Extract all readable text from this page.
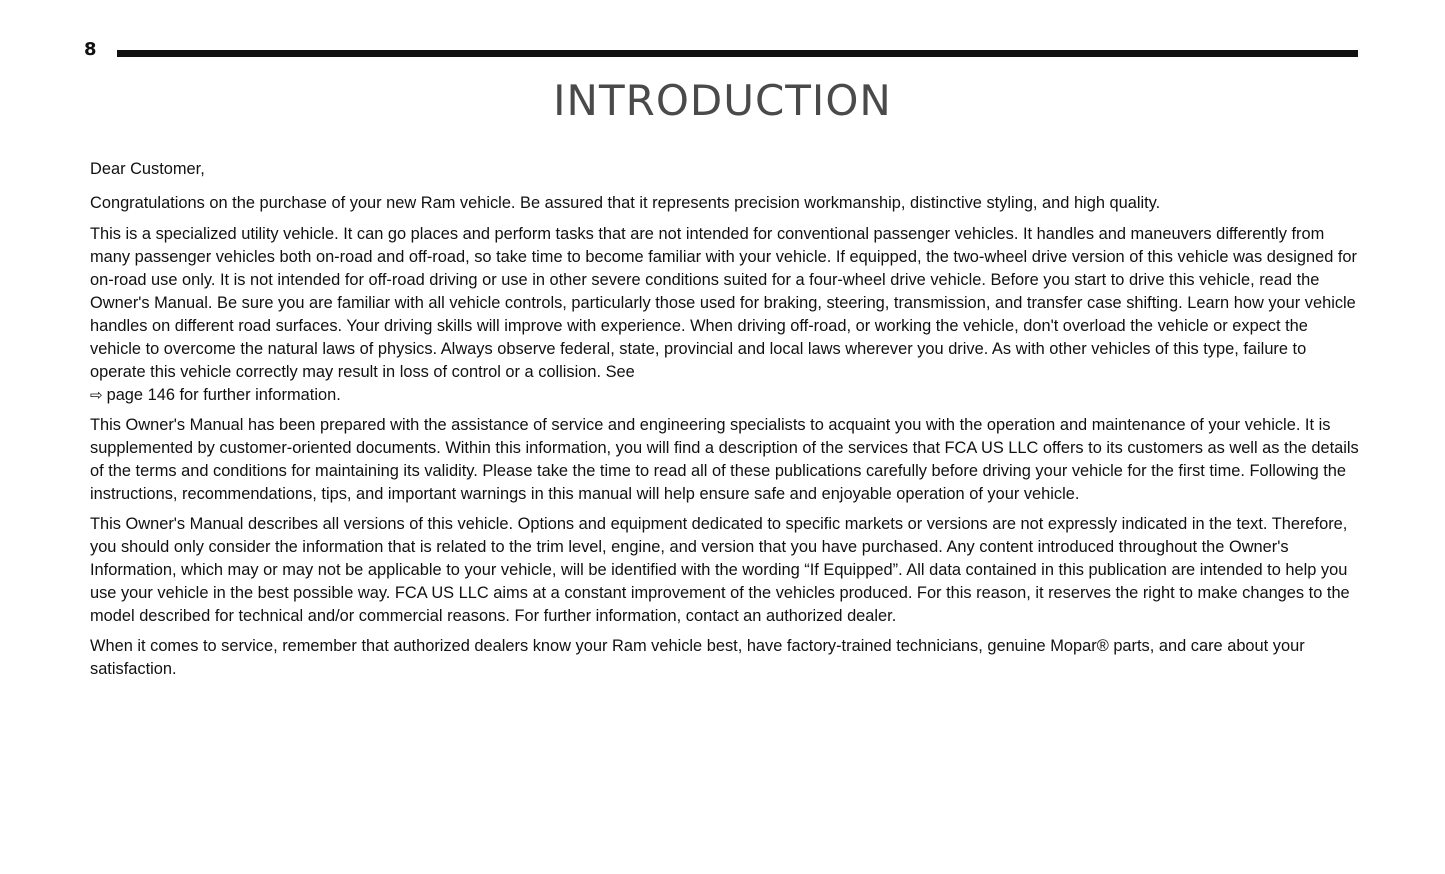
8
INTRODUCTION

Dear Customer,

Congratulations on the purchase of your new Ram vehicle. Be assured that it represents precision workmanship, distinctive styling, and high quality.

This is a specialized utility vehicle. It can go places and perform tasks that are not intended for conventional passenger vehicles. It handles and maneuvers differently from many passenger vehicles both on-road and off-road, so take time to become familiar with your vehicle. If equipped, the two-wheel drive version of this vehicle was designed for on-road use only. It is not intended for off-road driving or use in other severe conditions suited for a four-wheel drive vehicle. Before you start to drive this vehicle, read the Owner's Manual. Be sure you are familiar with all vehicle controls, particularly those used for braking, steering, transmission, and transfer case shifting. Learn how your vehicle handles on different road surfaces. Your driving skills will improve with experience. When driving off-road, or working the vehicle, don't overload the vehicle or expect the vehicle to overcome the natural laws of physics. Always observe federal, state, provincial and local laws wherever you drive. As with other vehicles of this type, failure to operate this vehicle correctly may result in loss of control or a collision. See
⇨ page 146 for further information.

This Owner's Manual has been prepared with the assistance of service and engineering specialists to acquaint you with the operation and maintenance of your vehicle. It is supplemented by customer-oriented documents. Within this information, you will find a description of the services that FCA US LLC offers to its customers as well as the details of the terms and conditions for maintaining its validity. Please take the time to read all of these publications carefully before driving your vehicle for the first time. Following the instructions, recommendations, tips, and important warnings in this manual will help ensure safe and enjoyable operation of your vehicle.

This Owner's Manual describes all versions of this vehicle. Options and equipment dedicated to specific markets or versions are not expressly indicated in the text. Therefore, you should only consider the information that is related to the trim level, engine, and version that you have purchased. Any content introduced throughout the Owner's Information, which may or may not be applicable to your vehicle, will be identified with the wording “If Equipped”. All data contained in this publication are intended to help you use your vehicle in the best possible way. FCA US LLC aims at a constant improvement of the vehicles produced. For this reason, it reserves the right to make changes to the model described for technical and/or commercial reasons. For further information, contact an authorized dealer.

When it comes to service, remember that authorized dealers know your Ram vehicle best, have factory-trained technicians, genuine Mopar® parts, and care about your satisfaction.
